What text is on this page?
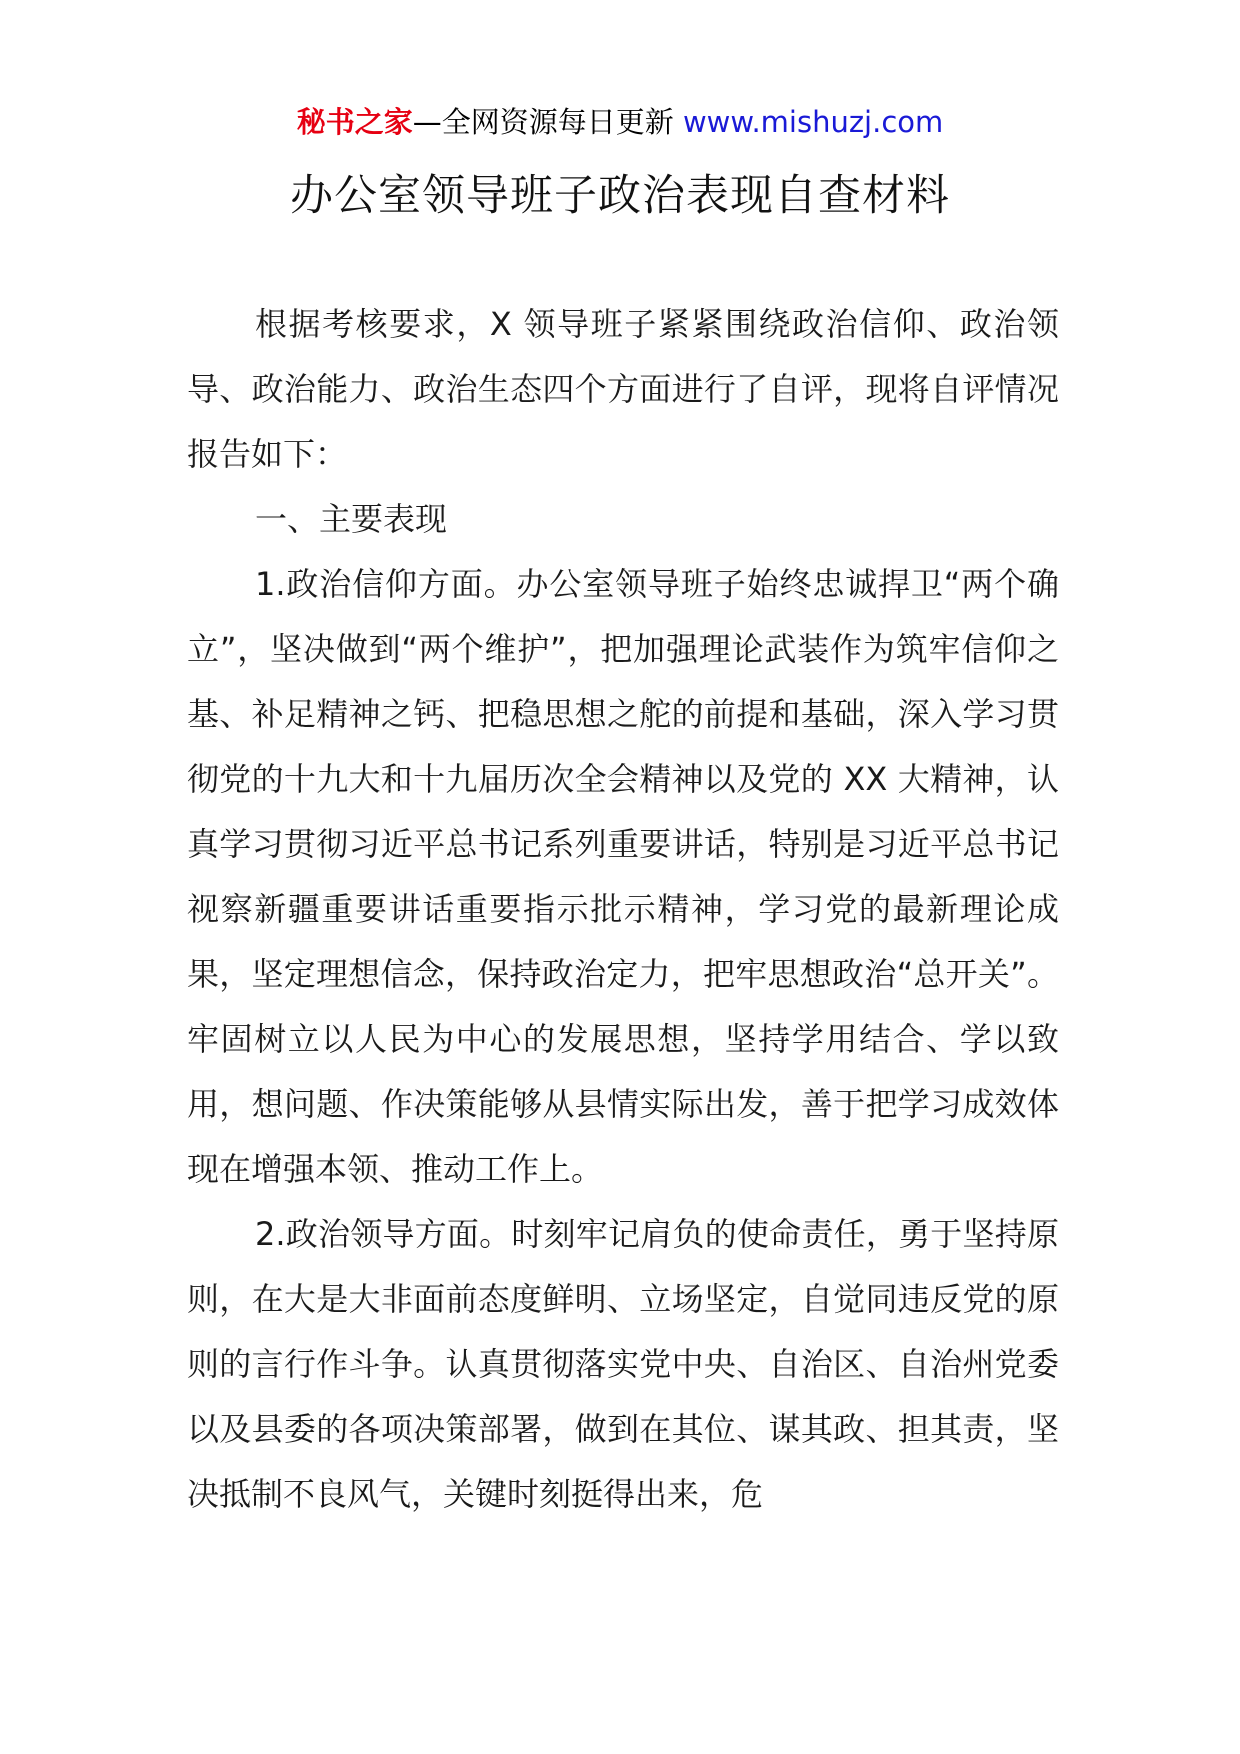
秘书之家—全网资源每日更新 www.mishuzj.com
办公室领导班子政治表现自查材料

根据考核要求，X 领导班子紧紧围绕政治信仰、政治领导、政治能力、政治生态四个方面进行了自评，现将自评情况报告如下：

一、主要表现

1.政治信仰方面。办公室领导班子始终忠诚捍卫“两个确立”，坚决做到“两个维护”，把加强理论武装作为筑牢信仰之基、补足精神之钙、把稳思想之舵的前提和基础，深入学习贯彻党的十九大和十九届历次全会精神以及党的 XX 大精神，认真学习贯彻习近平总书记系列重要讲话，特别是习近平总书记视察新疆重要讲话重要指示批示精神，学习党的最新理论成果，坚定理想信念，保持政治定力，把牢思想政治“总开关”。牢固树立以人民为中心的发展思想，坚持学用结合、学以致用，想问题、作决策能够从县情实际出发，善于把学习成效体现在增强本领、推动工作上。

2.政治领导方面。时刻牢记肩负的使命责任，勇于坚持原则，在大是大非面前态度鲜明、立场坚定，自觉同违反党的原则的言行作斗争。认真贯彻落实党中央、自治区、自治州党委以及县委的各项决策部署，做到在其位、谋其政、担其责，坚决抵制不良风气，关键时刻挺得出来，危
